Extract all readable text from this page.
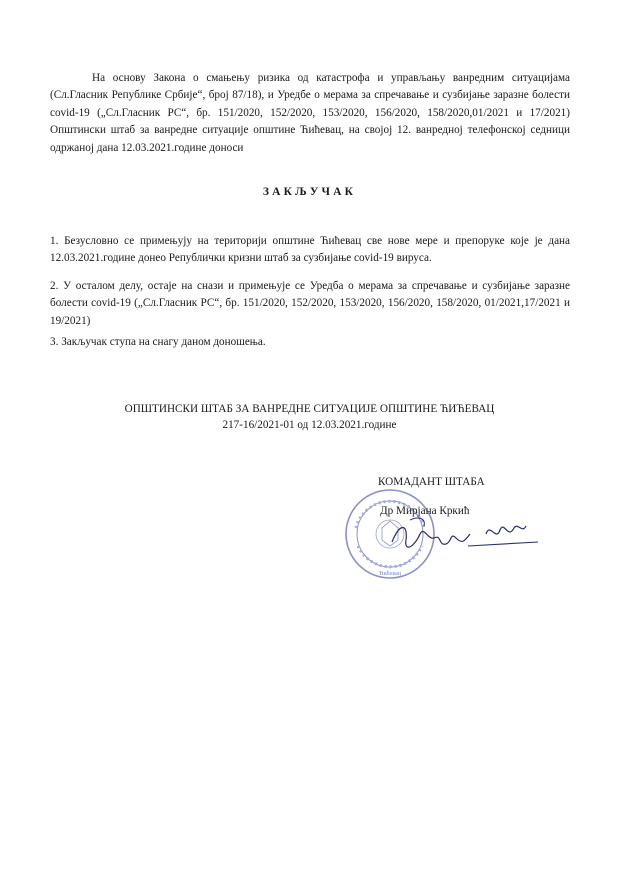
На основу Закона о смањењу ризика од катастрофа и управљању ванредним ситуацијама (Сл.Гласник Републике Србије“, број 87/18), и Уредбе о мерама за спречавање и сузбијање заразне болести covid-19 („Сл.Гласник РС“, бр. 151/2020, 152/2020, 153/2020, 156/2020, 158/2020,01/2021 и 17/2021) Општински штаб за ванредне ситуације општине Ћићевац, на својој 12. ванредној телефонској седници одржаној дана 12.03.2021.године доноси
ЗАКЉУЧАК
1. Безусловно се примењују на територији општине Ћићевац све нове мере и препоруке које је дана 12.03.2021.године донео Републички кризни штаб за сузбијање covid-19 вируса.
2. У осталом делу, остаје на снази и примењује се Уредба о мерама за спречавање и сузбијање заразне болести covid-19 („Сл.Гласник РС“, бр. 151/2020, 152/2020, 153/2020, 156/2020, 158/2020, 01/2021,17/2021 и 19/2021)
3. Закључак ступа на снагу даном доношења.
ОПШТИНСКИ ШТАБ ЗА ВАНРЕДНЕ СИТУАЦИЈЕ ОПШТИНЕ ЋИЋЕВАЦ
217-16/2021-01 од 12.03.2021.године
Ћићевац
КОМАДАНТ ШТАБА
Др Мирјана Кркић
